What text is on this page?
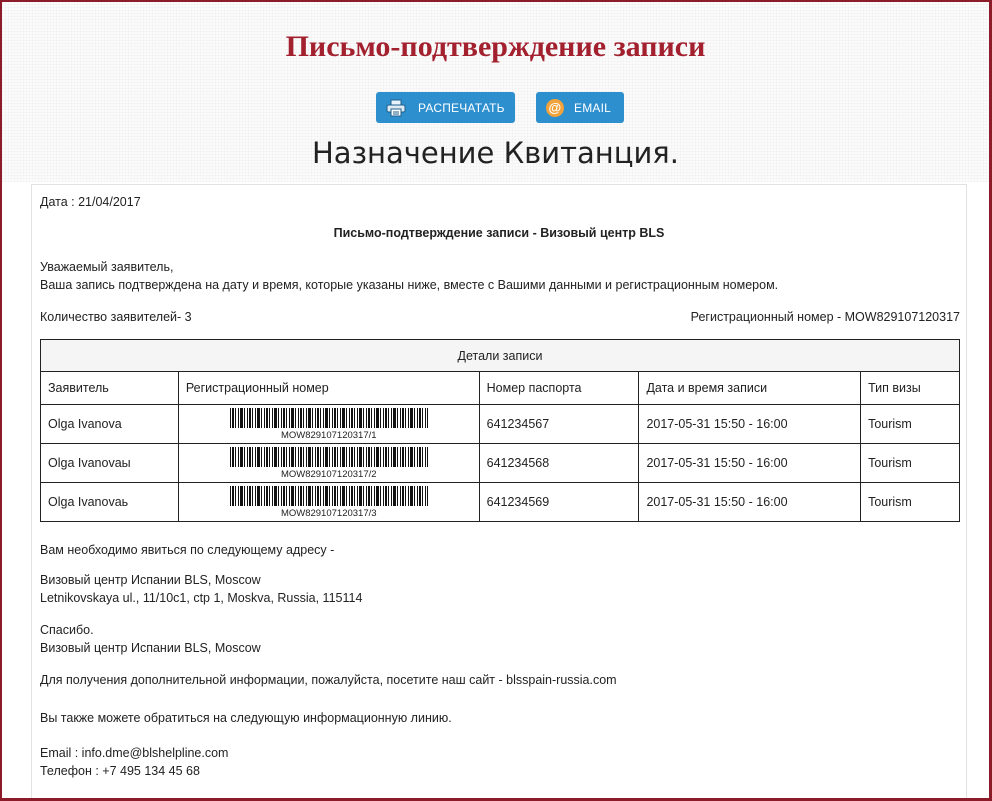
Письмо-подтверждение записи
РАСПЕЧАТАТЬ	@ EMAIL
Назначение Квитанция.
Дата : 21/04/2017
Письмо-подтверждение записи - Визовый центр BLS
Уважаемый заявитель,
Ваша запись подтверждена на дату и время, которые указаны ниже, вместе с Вашими данными и регистрационным номером.
Количество заявителей- 3	Регистрационный номер - MOW829107120317
Детали записи				
Заявитель	Регистрационный номер	Номер паспорта	Дата и время записи	Тип визы
Olga Ivanova	MOW829107120317/1	641234567	2017-05-31 15:50 - 16:00	Tourism
Olga Ivanovaы	MOW829107120317/2	641234568	2017-05-31 15:50 - 16:00	Tourism
Olga Ivanovaь	MOW829107120317/3	641234569	2017-05-31 15:50 - 16:00	Tourism
Вам необходимо явиться по следующему адресу -
Визовый центр Испании BLS, Moscow
Letnikovskaya ul., 11/10c1, ctp 1, Moskva, Russia, 115114
Спасибо.
Визовый центр Испании BLS, Moscow
Для получения дополнительной информации, пожалуйста, посетите наш сайт - blsspain-russia.com
Вы также можете обратиться на следующую информационную линию.
Email : info.dme@blshelpline.com
Телефон : +7 495 134 45 68
